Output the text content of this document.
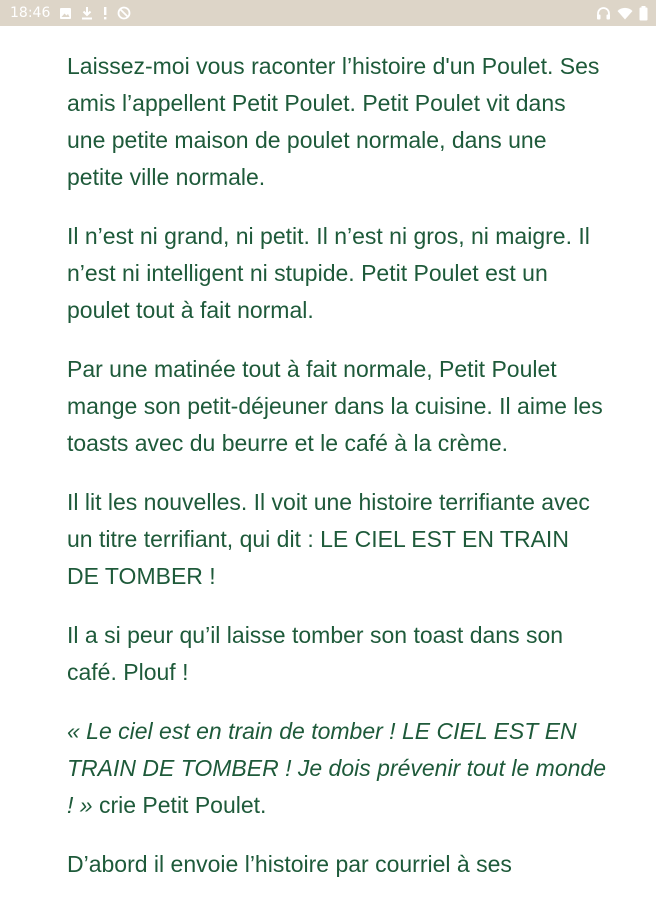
18:46

Laissez-moi vous raconter l’histoire d'un Poulet. Ses amis l’appellent Petit Poulet. Petit Poulet vit dans une petite maison de poulet normale, dans une petite ville normale.

Il n’est ni grand, ni petit. Il n’est ni gros, ni maigre. Il n’est ni intelligent ni stupide. Petit Poulet est un poulet tout à fait normal.

Par une matinée tout à fait normale, Petit Poulet mange son petit-déjeuner dans la cuisine. Il aime les toasts avec du beurre et le café à la crème.

Il lit les nouvelles. Il voit une histoire terrifiante avec un titre terrifiant, qui dit : LE CIEL EST EN TRAIN DE TOMBER !

Il a si peur qu’il laisse tomber son toast dans son café. Plouf !

« Le ciel est en train de tomber ! LE CIEL EST EN TRAIN DE TOMBER ! Je dois prévenir tout le monde ! » crie Petit Poulet.

D’abord il envoie l’histoire par courriel à ses
